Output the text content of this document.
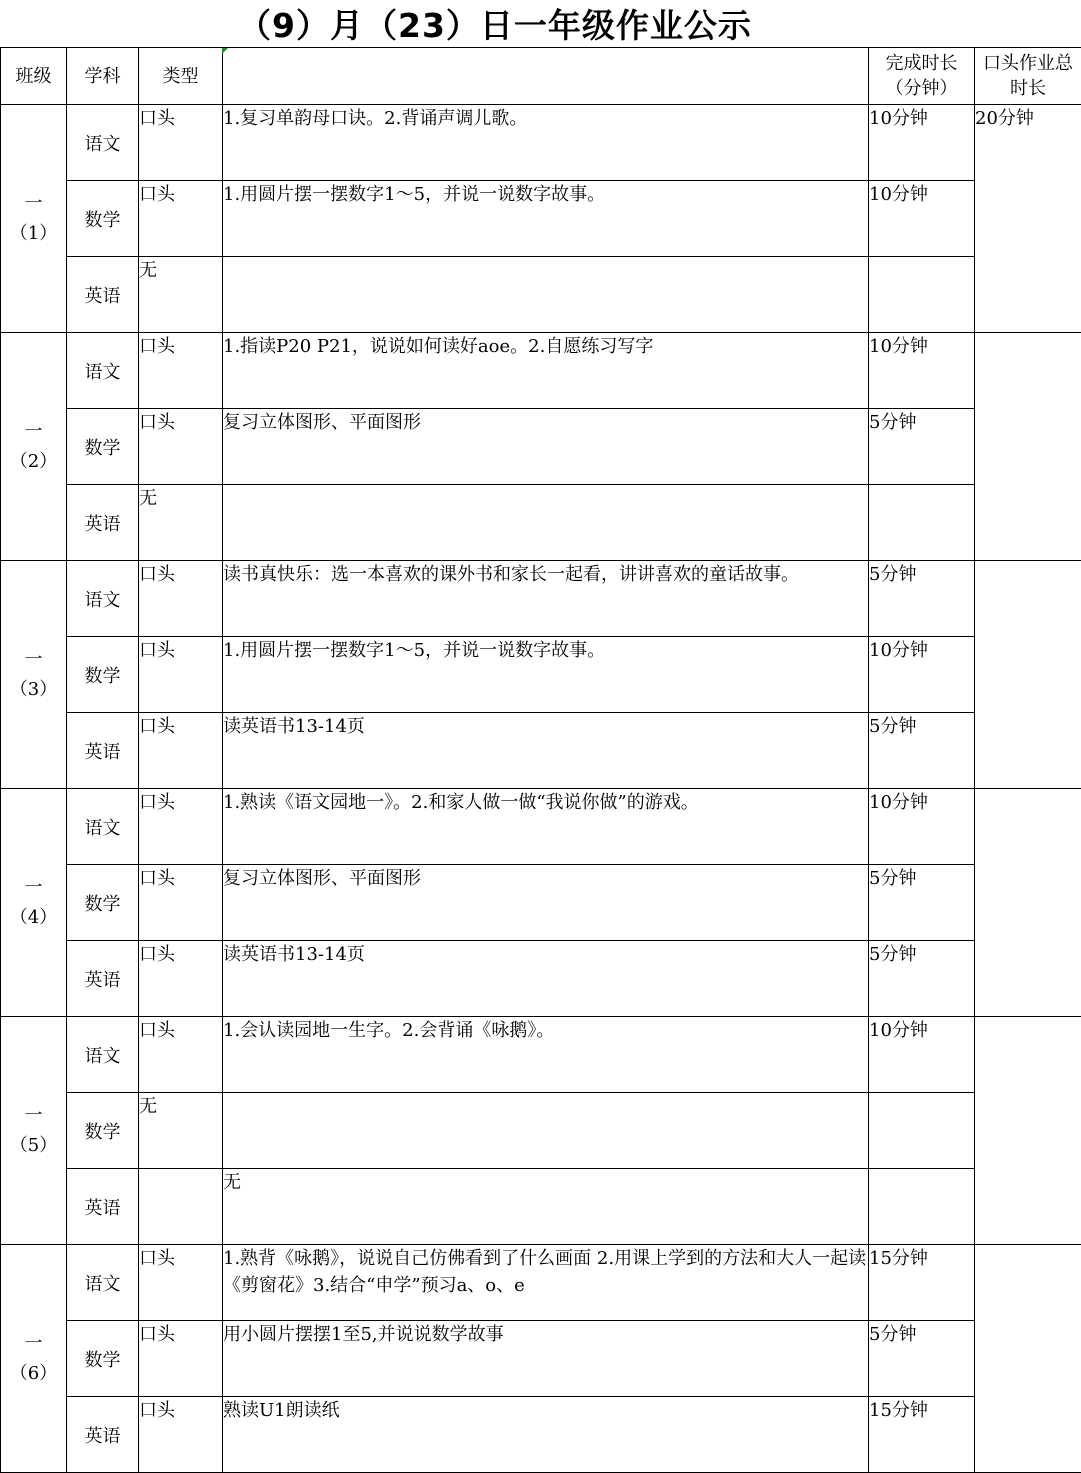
（9）月（23）日一年级作业公示
班级	学科	类型		完成时长（分钟）	口头作业总时长

一
（1）	语文	口头	1.复习单韵母口诀。2.背诵声调儿歌。	10分钟	20分钟
	数学	口头	1.用圆片摆一摆数字1～5，并说一说数字故事。	10分钟	
	英语	无			

一
（2）	语文	口头	1.指读P20 P21，说说如何读好aoe。2.自愿练习写字	10分钟	
	数学	口头	复习立体图形、平面图形	5分钟	
	英语	无			

一
（3）	语文	口头	读书真快乐：选一本喜欢的课外书和家长一起看，讲讲喜欢的童话故事。	5分钟	
	数学	口头	1.用圆片摆一摆数字1～5，并说一说数字故事。	10分钟	
	英语	口头	读英语书13-14页	5分钟	

一
（4）	语文	口头	1.熟读《语文园地一》。2.和家人做一做“我说你做”的游戏。	10分钟	
	数学	口头	复习立体图形、平面图形	5分钟	
	英语	口头	读英语书13-14页	5分钟	

一
（5）	语文	口头	1.会认读园地一生字。2.会背诵《咏鹅》。	10分钟	
	数学	无			
	英语		无		

一
（6）	语文	口头	1.熟背《咏鹅》，说说自己仿佛看到了什么画面 2.用课上学到的方法和大人一起读《剪窗花》3.结合“申学”预习a、o、e	15分钟	
	数学	口头	用小圆片摆摆1至5,并说说数学故事	5分钟	
	英语	口头	熟读U1朗读纸	15分钟	
